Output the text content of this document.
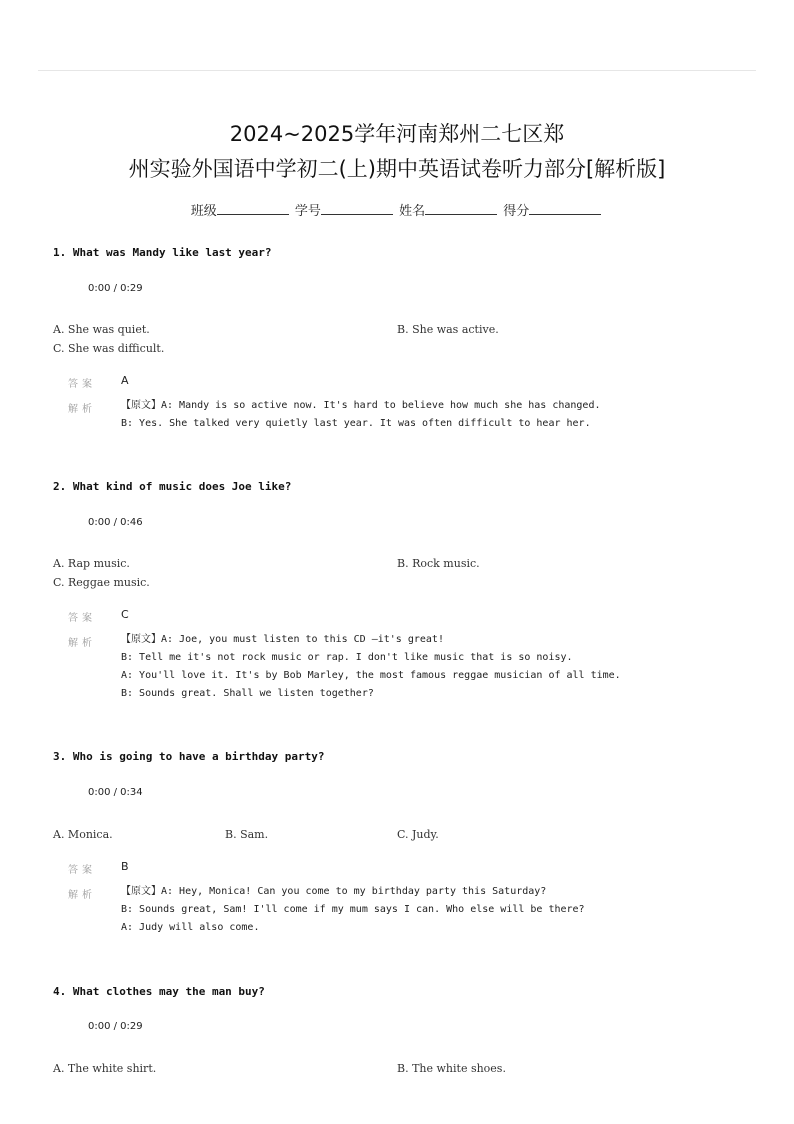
2024~2025学年河南郑州二七区郑
州实验外国语中学初二(上)期中英语试卷听力部分[解析版]
班级	学号	姓名	得分
1. What was Mandy like last year?
0:00 / 0:29
A. She was quiet.	B. She was active.
C. She was difficult.
答案 A
解析	【原文】A: Mandy is so active now. It's hard to believe how much she has changed.
B: Yes. She talked very quietly last year. It was often difficult to hear her.
2. What kind of music does Joe like?
0:00 / 0:46
A. Rap music.	B. Rock music.
C. Reggae music.
答案 C
解析	【原文】A: Joe, you must listen to this CD —it's great!
B: Tell me it's not rock music or rap. I don't like music that is so noisy.
A: You'll love it. It's by Bob Marley, the most famous reggae musician of all time.
B: Sounds great. Shall we listen together?
3. Who is going to have a birthday party?
0:00 / 0:34
A. Monica.	B. Sam.	C. Judy.
答案 B
解析	【原文】A: Hey, Monica! Can you come to my birthday party this Saturday?
B: Sounds great, Sam! I'll come if my mum says I can. Who else will be there?
A: Judy will also come.
4. What clothes may the man buy?
0:00 / 0:29
A. The white shirt.	B. The white shoes.
